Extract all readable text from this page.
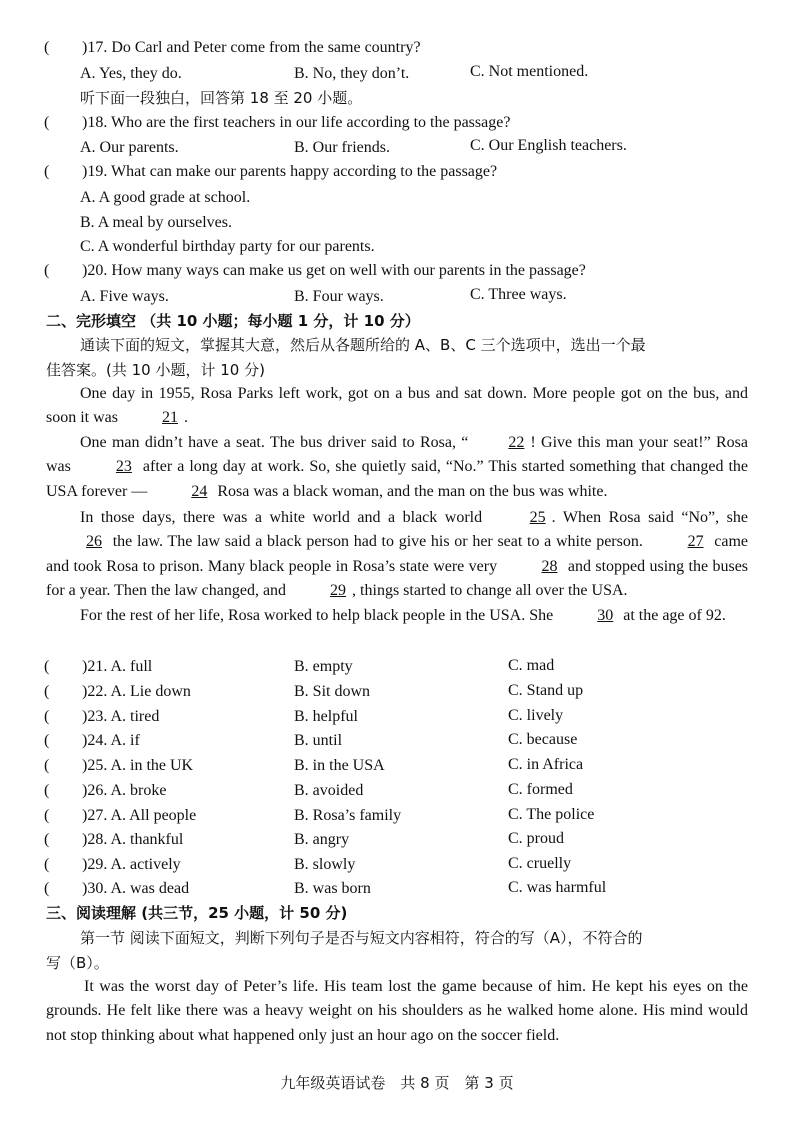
( )17. Do Carl and Peter come from the same country?
A. Yes, they do.	B. No, they don’t.	C. Not mentioned.
听下面一段独白，回答第 18 至 20 小题。
( )18. Who are the first teachers in our life according to the passage?
A. Our parents.	B. Our friends.	C. Our English teachers.
( )19. What can make our parents happy according to the passage?
A. A good grade at school.
B. A meal by ourselves.
C. A wonderful birthday party for our parents.
( )20. How many ways can make us get on well with our parents in the passage?
A. Five ways.	B. Four ways.	C. Three ways.
二、完形填空 （共 10 小题；每小题 1 分，计 10 分）
通读下面的短文，掌握其大意，然后从各题所给的 A、B、C 三个选项中，选出一个最
佳答案。(共 10 小题，计 10 分)
One day in 1955, Rosa Parks left work, got on a bus and sat down. More people got on the bus, and soon it was	21 .
One man didn’t have a seat. The bus driver said to Rosa, “	22 ! Give this man your seat!” Rosa was	23 after a long day at work. So, she quietly said, “No.” This started something that changed the USA forever —	24 Rosa was a black woman, and the man on the bus was white.
In those days, there was a white world and a black world	25 . When Rosa said “No”, she 26 the law. The law said a black person had to give his or her seat to a white person.	27 came and took Rosa to prison. Many black people in Rosa’s state were very	28 and stopped using the buses for a year. Then the law changed, and	29 , things started to change all over the USA.
For the rest of her life, Rosa worked to help black people in the USA. She	30 at the age of 92.
( )21. A. full	B. empty	C. mad
( )22. A. Lie down	B. Sit down	C. Stand up
( )23. A. tired	B. helpful	C. lively
( )24. A. if	B. until	C. because
( )25. A. in the UK	B. in the USA	C. in Africa
( )26. A. broke	B. avoided	C. formed
( )27. A. All people	B. Rosa’s family	C. The police
( )28. A. thankful	B. angry	C. proud
( )29. A. actively	B. slowly	C. cruelly
( )30. A. was dead	B. was born	C. was harmful
三、阅读理解 (共三节，25 小题，计 50 分)
第一节 阅读下面短文，判断下列句子是否与短文内容相符，符合的写（A），不符合的
写（B）。
It was the worst day of Peter’s life. His team lost the game because of him. He kept his eyes on the grounds. He felt like there was a heavy weight on his shoulders as he walked home alone. His mind would not stop thinking about what happened only just an hour ago on the soccer field.
九年级英语试卷　共 8 页　第 3 页
